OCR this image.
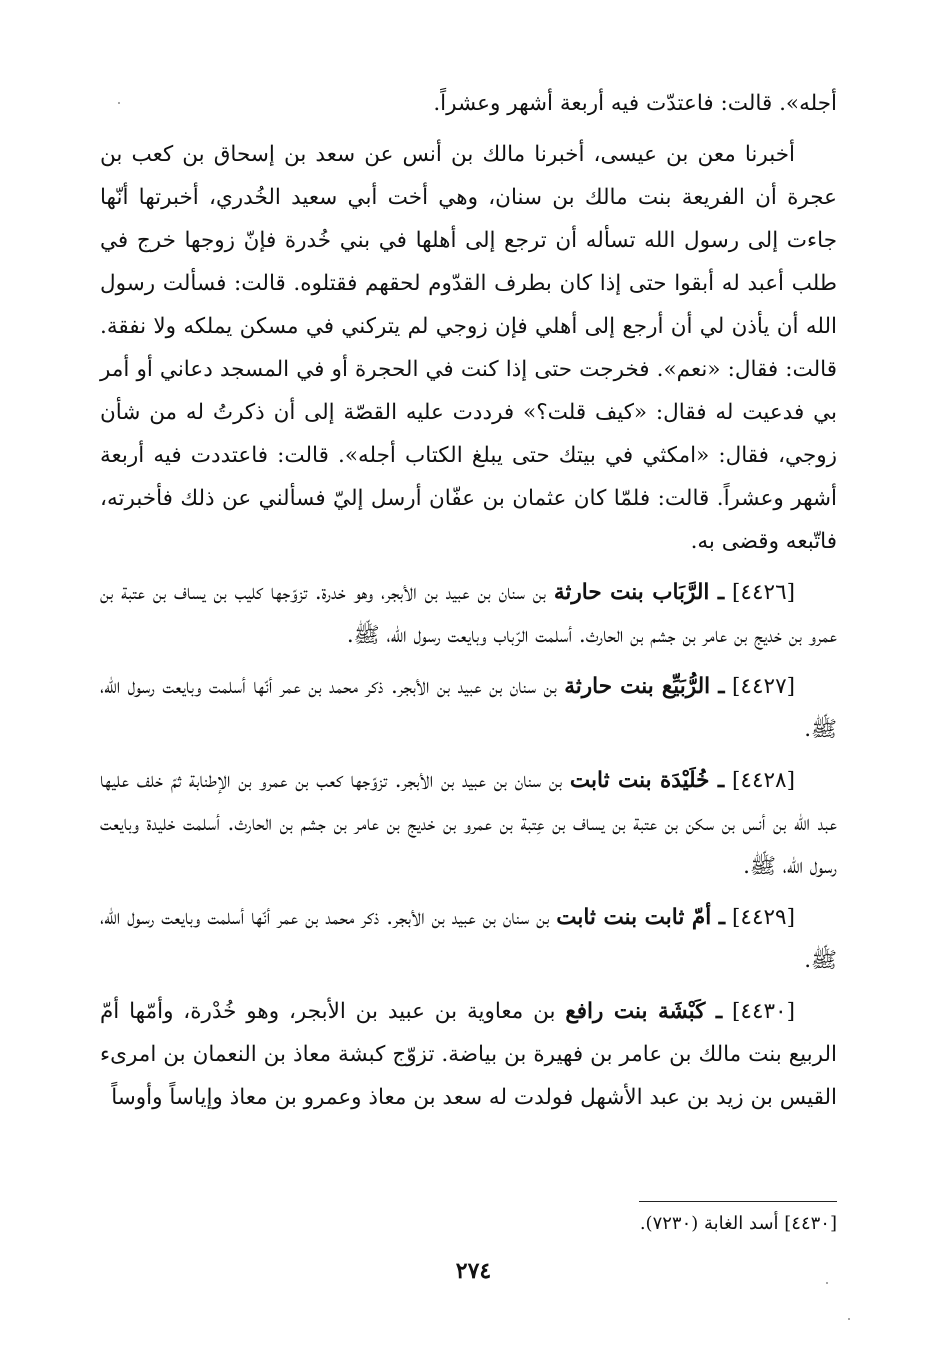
أجله». قالت: فاعتدّت فيه أربعة أشهر وعشراً.

أخبرنا معن بن عيسى، أخبرنا مالك بن أنس عن سعد بن إسحاق بن كعب بن عجرة أن الفريعة بنت مالك بن سنان، وهي أخت أبي سعيد الخُدري، أخبرتها أنّها جاءت إلى رسول الله تسأله أن ترجع إلى أهلها في بني خُدرة فإنّ زوجها خرج في طلب أعبد له أبقوا حتى إذا كان بطرف القدّوم لحقهم فقتلوه. قالت: فسألت رسول الله أن يأذن لي أن أرجع إلى أهلي فإن زوجي لم يتركني في مسكن يملكه ولا نفقة. قالت: فقال: «نعم». فخرجت حتى إذا كنت في الحجرة أو في المسجد دعاني أو أمر بي فدعيت له فقال: «كيف قلت؟» فرددت عليه القصّة إلى أن ذكرتُ له من شأن زوجي، فقال: «امكثي في بيتك حتى يبلغ الكتاب أجله». قالت: فاعتددت فيه أربعة أشهر وعشراً. قالت: فلمّا كان عثمان بن عفّان أرسل إليّ فسألني عن ذلك فأخبرته، فاتّبعه وقضى به.

[٤٤٢٦] ـ الرَّبَاب بنت حارثة بن سنان بن عبيد بن الأبجر، وهو خدرة. تزوّجها كليب بن يساف بن عتبة بن عمرو بن خديج بن عامر بن جشم بن الحارث. أسلمت الرّباب وبايعت رسول الله، ﷺ.

[٤٤٢٧] ـ الرُّبَيِّع بنت حارثة بن سنان بن عبيد بن الأبجر. ذكر محمد بن عمر أنّها أسلمت وبايعت رسول الله، ﷺ.

[٤٤٢٨] ـ خُلَيْدَة بنت ثابت بن سنان بن عبيد بن الأبجر. تزوّجها كعب بن عمرو بن الإطنابة ثمّ خلف عليها عبد الله بن أنس بن سكن بن عتبة بن يساف بن عِتبة بن عمرو بن خديج بن عامر بن جشم بن الحارث. أسلمت خليدة وبايعت رسول الله، ﷺ.

[٤٤٢٩] ـ أمّ ثابت بنت ثابت بن سنان بن عبيد بن الأبجر. ذكر محمد بن عمر أنّها أسلمت وبايعت رسول الله، ﷺ.

[٤٤٣٠] ـ كَبْشَة بنت رافع بن معاوية بن عبيد بن الأبجر، وهو خُدْرة، وأمّها أمّ الربيع بنت مالك بن عامر بن فهيرة بن بياضة. تزوّج كبشة معاذ بن النعمان بن امرىء القيس بن زيد بن عبد الأشهل فولدت له سعد بن معاذ وعمرو بن معاذ وإياساً وأوساً

[٤٤٣٠] أسد الغابة (٧٢٣٠).
٢٧٤
